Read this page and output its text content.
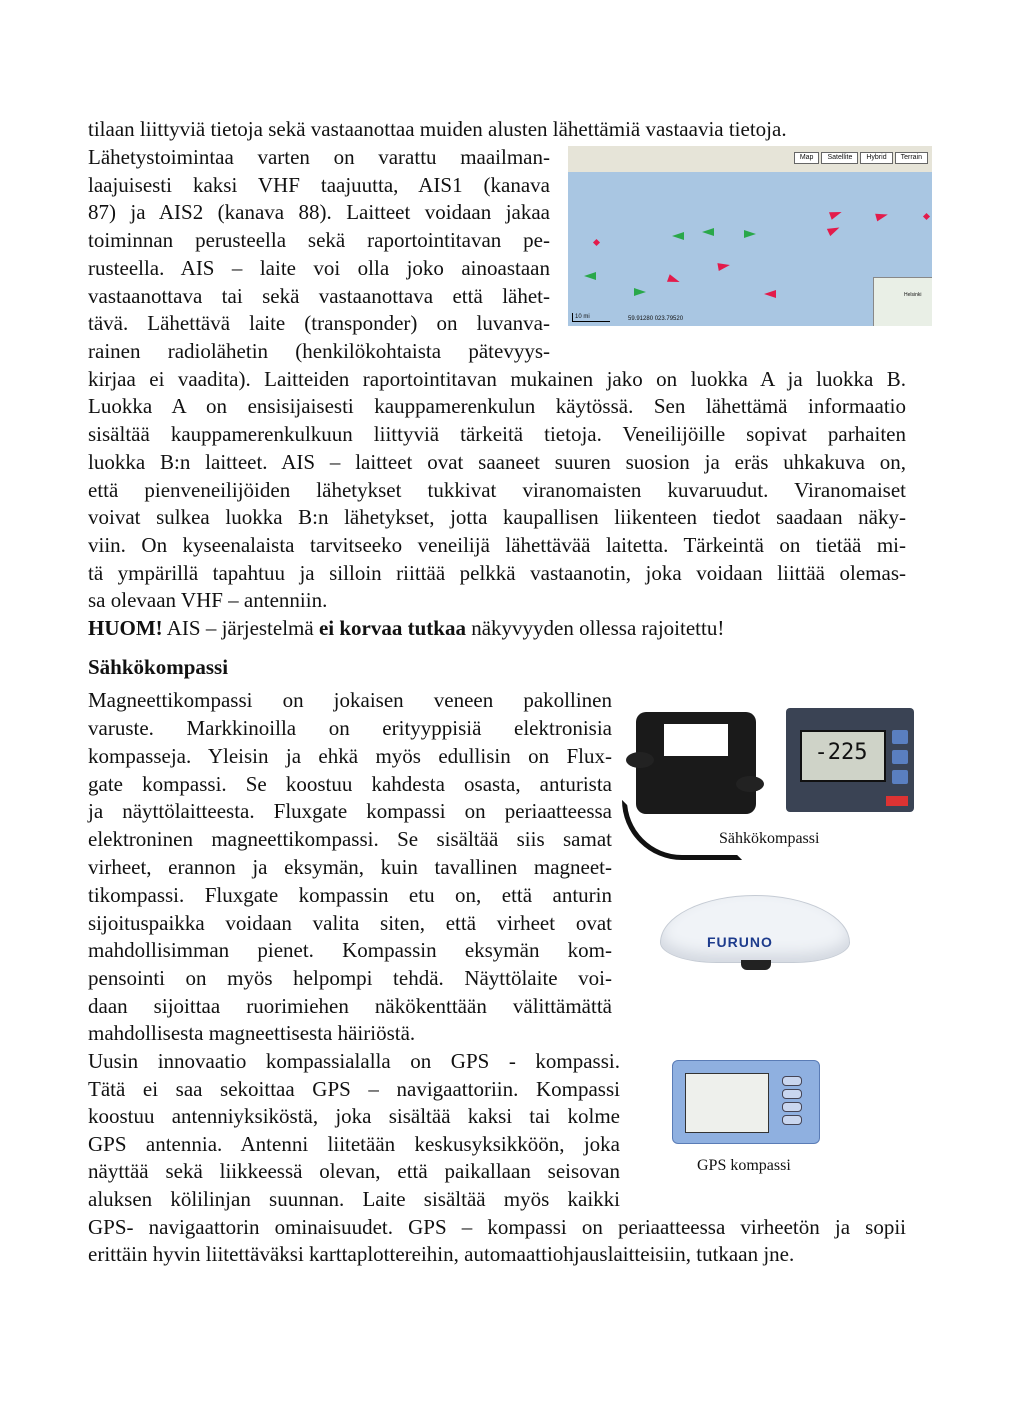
tilaan liittyviä tietoja sekä vastaanottaa muiden alusten lähettämiä vastaavia tietoja.
Lähetystoimintaa varten on varattu maailman-
laajuisesti kaksi VHF taajuutta, AIS1 (kanava
87) ja AIS2 (kanava 88). Laitteet voidaan jakaa
toiminnan perusteella sekä raportointitavan pe-
rusteella. AIS – laite voi olla joko ainoastaan
vastaanottava tai sekä vastaanottava että lähet-
tävä. Lähettävä laite (transponder) on luvanva-
rainen radiolähetin (henkilökohtaista pätevyys-
kirjaa ei vaadita). Laitteiden raportointitavan mukainen jako on luokka A ja luokka B.
Luokka A on ensisijaisesti kauppamerenkulun käytössä. Sen lähettämä informaatio
sisältää kauppamerenkulkuun liittyviä tärkeitä tietoja. Veneilijöille sopivat parhaiten
luokka B:n laitteet. AIS – laitteet ovat saaneet suuren suosion ja eräs uhkakuva on,
että pienveneilijöiden lähetykset tukkivat viranomaisten kuvaruudut. Viranomaiset
voivat sulkea luokka B:n lähetykset, jotta kaupallisen liikenteen tiedot saadaan näky-
viin. On kyseenalaista tarvitseeko veneilijä lähettävää laitetta. Tärkeintä on tietää mi-
tä ympärillä tapahtuu ja silloin riittää pelkkä vastaanotin, joka voidaan liittää olemas-
sa olevaan VHF – antenniin.
HUOM! AIS – järjestelmä ei korvaa tutkaa näkyvyyden ollessa rajoitettu!
Map	Satellite	Hybrid	Terrain
10 mi	59.91280 023.79520
Helsinki
Sähkökompassi
Magneettikompassi on jokaisen veneen pakollinen
varuste. Markkinoilla on erityyppisiä elektronisia
kompasseja. Yleisin ja ehkä myös edullisin on Flux-
gate kompassi. Se koostuu kahdesta osasta, anturista
ja näyttölaitteesta. Fluxgate kompassi on periaatteessa
elektroninen magneettikompassi. Se sisältää siis samat
virheet, erannon ja eksymän, kuin tavallinen magneet-
tikompassi. Fluxgate kompassin etu on, että anturin
sijoituspaikka voidaan valita siten, että virheet ovat
mahdollisimman pienet. Kompassin eksymän kom-
pensointi on myös helpompi tehdä. Näyttölaite voi-
daan sijoittaa ruorimiehen näkökenttään välittämättä
mahdollisesta magneettisesta häiriöstä.
Uusin innovaatio kompassialalla on GPS - kompassi.
Tätä ei saa sekoittaa GPS – navigaattoriin. Kompassi
koostuu antenniyksiköstä, joka sisältää kaksi tai kolme
GPS antennia. Antenni liitetään keskusyksikköön, joka
näyttää sekä liikkeessä olevan, että paikallaan seisovan
aluksen kölilinjan suunnan. Laite sisältää myös kaikki
GPS- navigaattorin ominaisuudet. GPS – kompassi on periaatteessa virheetön ja sopii
erittäin hyvin liitettäväksi karttaplottereihin, automaattiohjauslaitteisiin, tutkaan jne.
-225
Sähkökompassi
FURUNO
GPS kompassi
